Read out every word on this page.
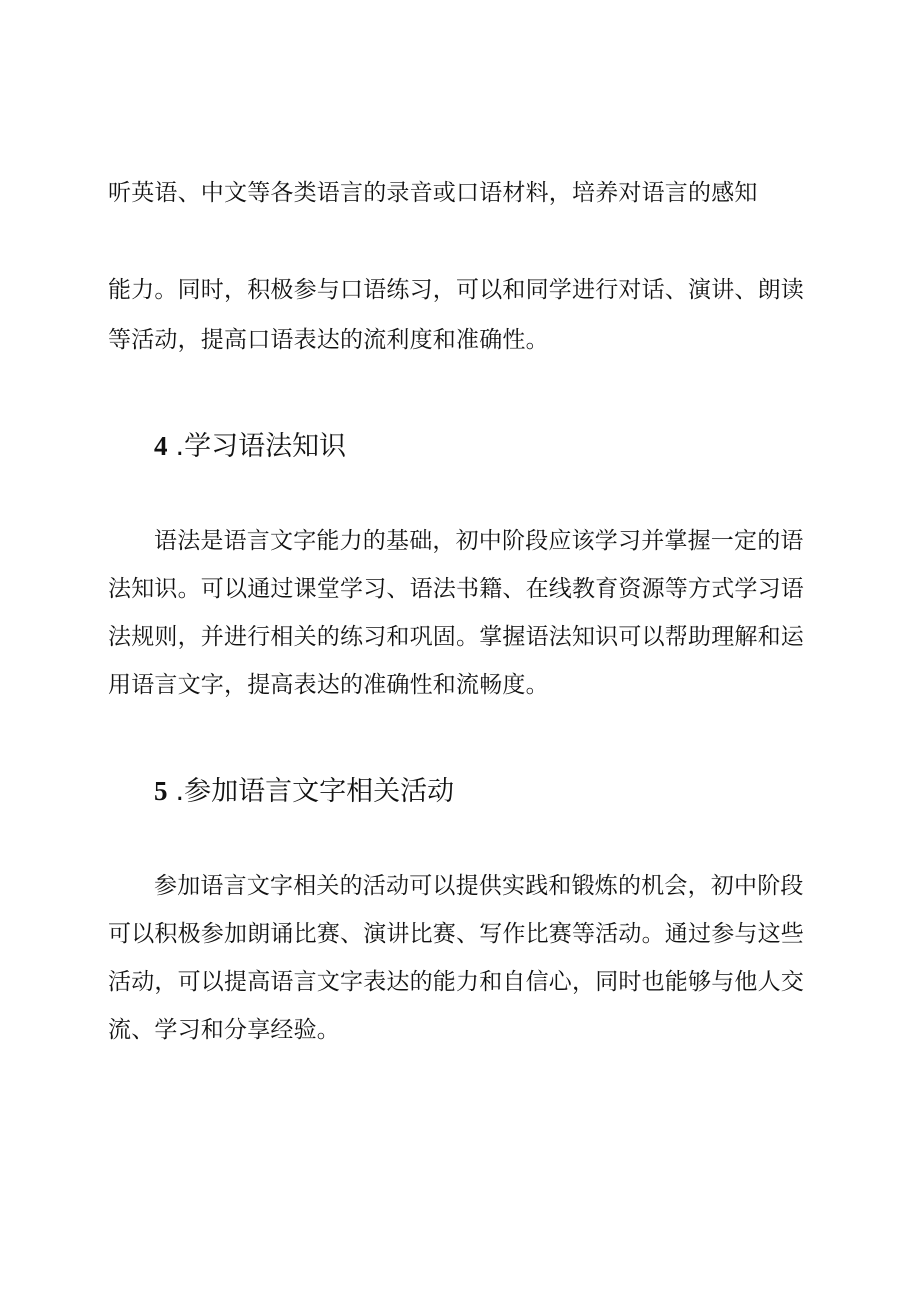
听英语、中文等各类语言的录音或口语材料，培养对语言的感知

能力。同时，积极参与口语练习，可以和同学进行对话、演讲、朗读

等活动，提高口语表达的流利度和准确性。

4 .学习语法知识

语法是语言文字能力的基础，初中阶段应该学习并掌握一定的语

法知识。可以通过课堂学习、语法书籍、在线教育资源等方式学习语

法规则，并进行相关的练习和巩固。掌握语法知识可以帮助理解和运

用语言文字，提高表达的准确性和流畅度。

5 .参加语言文字相关活动

参加语言文字相关的活动可以提供实践和锻炼的机会，初中阶段

可以积极参加朗诵比赛、演讲比赛、写作比赛等活动。通过参与这些

活动，可以提高语言文字表达的能力和自信心，同时也能够与他人交

流、学习和分享经验。
